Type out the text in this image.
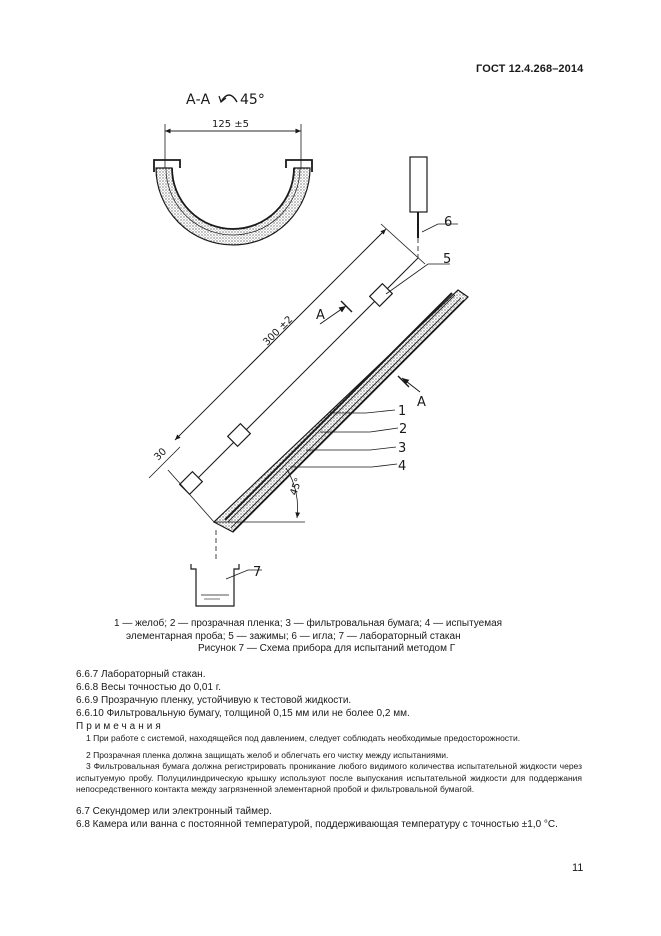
ГОСТ 12.4.268–2014
А-А 45°
125 ±5
300 ±2
30
А
А
45°
6
5
1
2
3
4
7
1 — желоб; 2 — прозрачная пленка; 3 — фильтровальная бумага; 4 — испытуемая
элементарная проба; 5 — зажимы; 6 — игла; 7 — лабораторный стакан
Рисунок 7 — Схема прибора для испытаний методом Г

6.6.7 Лабораторный стакан.

6.6.8 Весы точностью до 0,01 г.

6.6.9 Прозрачную пленку, устойчивую к тестовой жидкости.

6.6.10 Фильтровальную бумагу, толщиной 0,15 мм или не более 0,2 мм.

Примечания

1 При работе с системой, находящейся под давлением, следует соблюдать необходимые предосторожности.

2 Прозрачная пленка должна защищать желоб и облегчать его чистку между испытаниями.

3 Фильтровальная бумага должна регистрировать проникание любого видимого количества испытательной жидкости через испытуемую пробу. Полуцилиндрическую крышку используют после выпускания испытательной жидкости для поддержания непосредственного контакта между загрязненной элементарной пробой и фильтровальной бумагой.

6.7 Секундомер или электронный таймер.

6.8 Камера или ванна с постоянной температурой, поддерживающая температуру с точностью ±1,0 °С.

11
